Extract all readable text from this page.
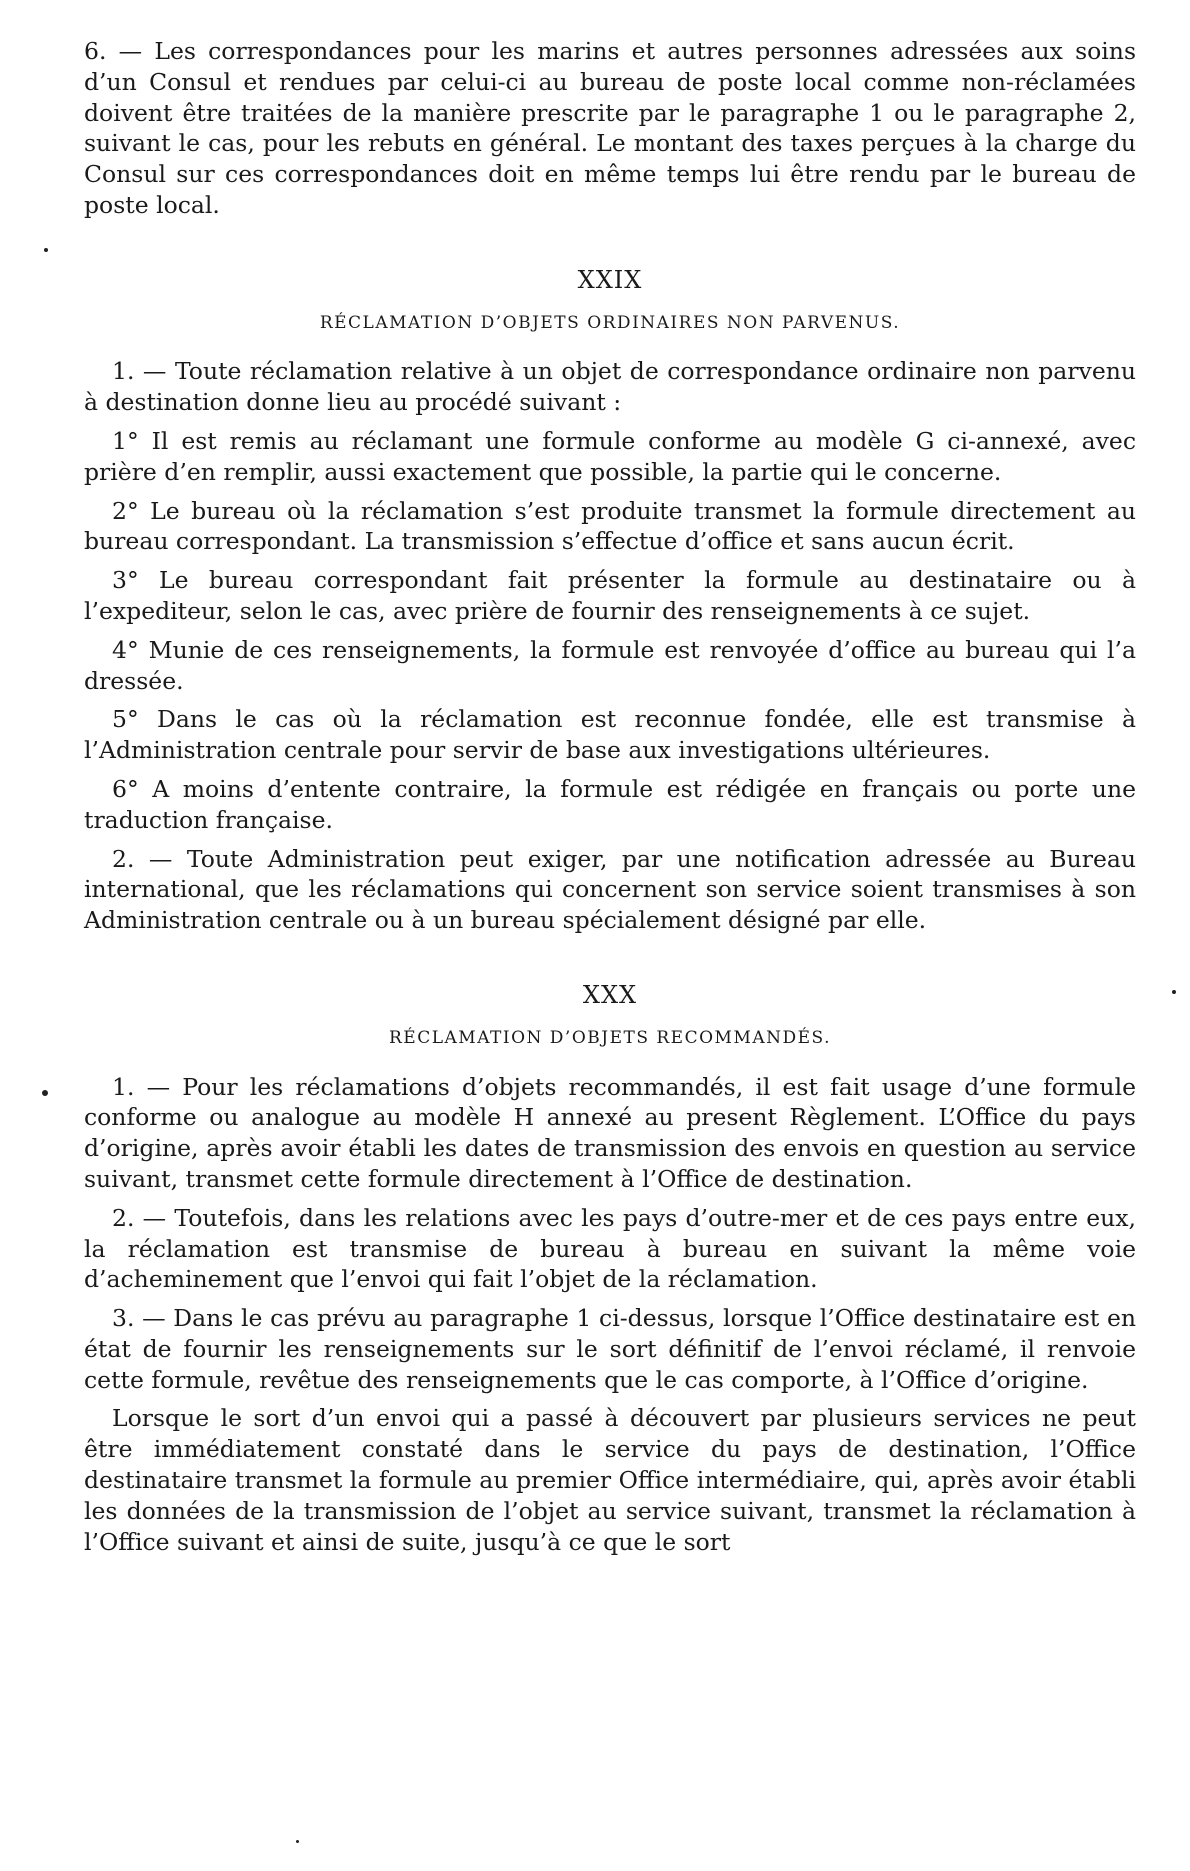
6. — Les correspondances pour les marins et autres personnes adressées aux soins d’un Consul et rendues par celui-ci au bureau de poste local comme non-réclamées doivent être traitées de la manière prescrite par le paragraphe 1 ou le paragraphe 2, suivant le cas, pour les rebuts en général. Le montant des taxes perçues à la charge du Consul sur ces correspondances doit en même temps lui être rendu par le bureau de poste local.

XXIX
RÉCLAMATION D’OBJETS ORDINAIRES NON PARVENUS.

1. — Toute réclamation relative à un objet de correspondance ordinaire non parvenu à destination donne lieu au procédé suivant :

1° Il est remis au réclamant une formule conforme au modèle G ci-annexé, avec prière d’en remplir, aussi exactement que possible, la partie qui le concerne.

2° Le bureau où la réclamation s’est produite transmet la formule directement au bureau correspondant. La transmission s’effectue d’office et sans aucun écrit.

3° Le bureau correspondant fait présenter la formule au destinataire ou à l’expediteur, selon le cas, avec prière de fournir des renseignements à ce sujet.

4° Munie de ces renseignements, la formule est renvoyée d’office au bureau qui l’a dressée.

5° Dans le cas où la réclamation est reconnue fondée, elle est transmise à l’Administration centrale pour servir de base aux investigations ultérieures.

6° A moins d’entente contraire, la formule est rédigée en français ou porte une traduction française.

2. — Toute Administration peut exiger, par une notification adressée au Bureau international, que les réclamations qui concernent son service soient transmises à son Administration centrale ou à un bureau spécialement désigné par elle.

XXX
RÉCLAMATION D’OBJETS RECOMMANDÉS.

1. — Pour les réclamations d’objets recommandés, il est fait usage d’une formule conforme ou analogue au modèle H annexé au present Règlement. L’Office du pays d’origine, après avoir établi les dates de transmission des envois en question au service suivant, transmet cette formule directement à l’Office de destination.

2. — Toutefois, dans les relations avec les pays d’outre-mer et de ces pays entre eux, la réclamation est transmise de bureau à bureau en suivant la même voie d’acheminement que l’envoi qui fait l’objet de la réclamation.

3. — Dans le cas prévu au paragraphe 1 ci-dessus, lorsque l’Office destinataire est en état de fournir les renseignements sur le sort définitif de l’envoi réclamé, il renvoie cette formule, revêtue des renseignements que le cas comporte, à l’Office d’origine.

Lorsque le sort d’un envoi qui a passé à découvert par plusieurs services ne peut être immédiatement constaté dans le service du pays de destination, l’Office destinataire transmet la formule au premier Office intermédiaire, qui, après avoir établi les données de la transmission de l’objet au service suivant, transmet la réclamation à l’Office suivant et ainsi de suite, jusqu’à ce que le sort
